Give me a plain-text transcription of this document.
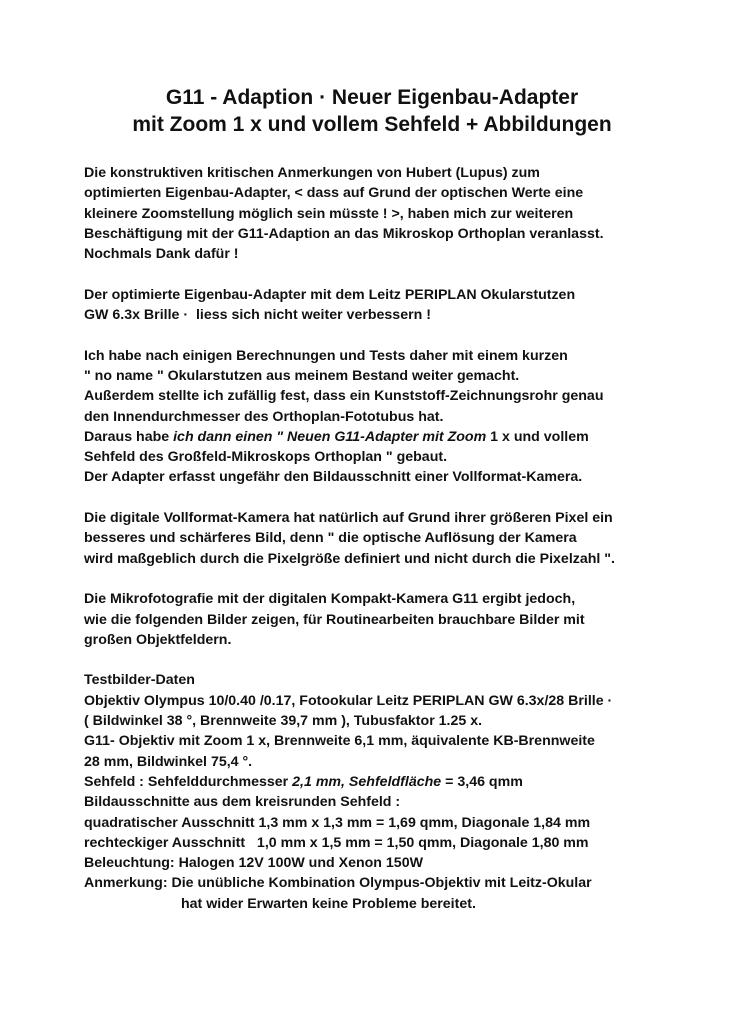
G11 - Adaption · Neuer Eigenbau-Adapter
mit Zoom 1 x und vollem Sehfeld + Abbildungen
Die konstruktiven kritischen Anmerkungen von Hubert (Lupus) zum
optimierten Eigenbau-Adapter, < dass auf Grund der optischen Werte eine
kleinere Zoomstellung möglich sein müsste ! >, haben mich zur weiteren
Beschäftigung mit der G11-Adaption an das Mikroskop Orthoplan veranlasst.
Nochmals Dank dafür !
Der optimierte Eigenbau-Adapter mit dem Leitz PERIPLAN Okularstutzen
GW 6.3x Brille ·  liess sich nicht weiter verbessern !
Ich habe nach einigen Berechnungen und Tests daher mit einem kurzen
" no name " Okularstutzen aus meinem Bestand weiter gemacht.
Außerdem stellte ich zufällig fest, dass ein Kunststoff-Zeichnungsrohr genau
den Innendurchmesser des Orthoplan-Fototubus hat.
Daraus habe ich dann einen " Neuen G11-Adapter mit Zoom 1 x und vollem
Sehfeld des Großfeld-Mikroskops Orthoplan " gebaut.
Der Adapter erfasst ungefähr den Bildausschnitt einer Vollformat-Kamera.
Die digitale Vollformat-Kamera hat natürlich auf Grund ihrer größeren Pixel ein
besseres und schärferes Bild, denn " die optische Auflösung der Kamera
wird maßgeblich durch die Pixelgröße definiert und nicht durch die Pixelzahl ".
Die Mikrofotografie mit der digitalen Kompakt-Kamera G11 ergibt jedoch,
wie die folgenden Bilder zeigen, für Routinearbeiten brauchbare Bilder mit
großen Objektfeldern.
Testbilder-Daten
Objektiv Olympus 10/0.40 /0.17, Fotookular Leitz PERIPLAN GW 6.3x/28 Brille ·
( Bildwinkel 38 °, Brennweite 39,7 mm ), Tubusfaktor 1.25 x.
G11- Objektiv mit Zoom 1 x, Brennweite 6,1 mm, äquivalente KB-Brennweite
28 mm, Bildwinkel 75,4 °.
Sehfeld : Sehfelddurchmesser 2,1 mm, Sehfeldfläche = 3,46 qmm
Bildausschnitte aus dem kreisrunden Sehfeld :
quadratischer Ausschnitt 1,3 mm x 1,3 mm = 1,69 qmm, Diagonale 1,84 mm
rechteckiger Ausschnitt   1,0 mm x 1,5 mm = 1,50 qmm, Diagonale 1,80 mm
Beleuchtung: Halogen 12V 100W und Xenon 150W
Anmerkung: Die unübliche Kombination Olympus-Objektiv mit Leitz-Okular
hat wider Erwarten keine Probleme bereitet.
